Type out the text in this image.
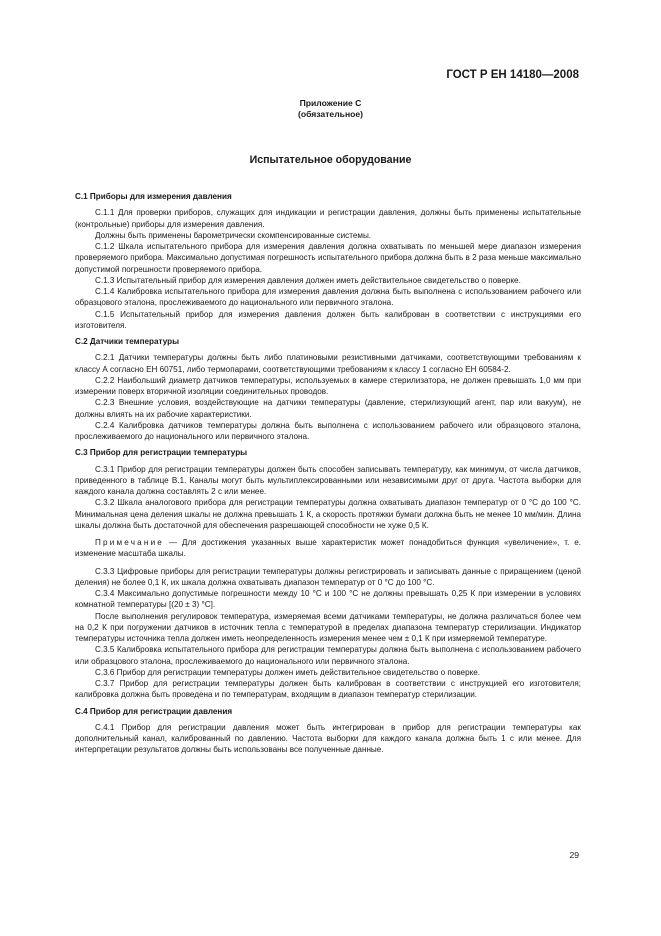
ГОСТ Р ЕН 14180—2008
Приложение С
(обязательное)
Испытательное оборудование
С.1 Приборы для измерения давления

С.1.1 Для проверки приборов, служащих для индикации и регистрации давления, должны быть применены испытательные (контрольные) приборы для измерения давления.

Должны быть применены барометрически скомпенсированные системы.

С.1.2 Шкала испытательного прибора для измерения давления должна охватывать по меньшей мере диапазон измерения проверяемого прибора. Максимально допустимая погрешность испытательного прибора должна быть в 2 раза меньше максимально допустимой погрешности проверяемого прибора.

С.1.3 Испытательный прибор для измерения давления должен иметь действительное свидетельство о поверке.

С.1.4 Калибровка испытательного прибора для измерения давления должна быть выполнена с использованием рабочего или образцового эталона, прослеживаемого до национального или первичного эталона.

С.1.5 Испытательный прибор для измерения давления должен быть калиброван в соответствии с инструкциями его изготовителя.

С.2 Датчики температуры

С.2.1 Датчики температуры должны быть либо платиновыми резистивными датчиками, соответствующими требованиям к классу А согласно ЕН 60751, либо термопарами, соответствующими требованиям к классу 1 согласно ЕН 60584-2.

С.2.2 Наибольший диаметр датчиков температуры, используемых в камере стерилизатора, не должен превышать 1,0 мм при измерении поверх вторичной изоляции соединительных проводов.

С.2.3 Внешние условия, воздействующие на датчики температуры (давление, стерилизующий агент, пар или вакуум), не должны влиять на их рабочие характеристики.

С.2.4 Калибровка датчиков температуры должна быть выполнена с использованием рабочего или образцового эталона, прослеживаемого до национального или первичного эталона.

С.3 Прибор для регистрации температуры

С.3.1 Прибор для регистрации температуры должен быть способен записывать температуру, как минимум, от числа датчиков, приведенного в таблице В.1. Каналы могут быть мультиплексированными или независимыми друг от друга. Частота выборки для каждого канала должна составлять 2 с или менее.

С.3.2 Шкала аналогового прибора для регистрации температуры должна охватывать диапазон температур от 0 °С до 100 °С. Минимальная цена деления шкалы не должна превышать 1 К, а скорость протяжки бумаги должна быть не менее 10 мм/мин. Длина шкалы должна быть достаточной для обеспечения разрешающей способности не хуже 0,5 К.

Примечание — Для достижения указанных выше характеристик может понадобиться функция «увеличение», т. е. изменение масштаба шкалы.

С.3.3 Цифровые приборы для регистрации температуры должны регистрировать и записывать данные с приращением (ценой деления) не более 0,1 К, их шкала должна охватывать диапазон температур от 0 °С до 100 °С.

С.3.4 Максимально допустимые погрешности между 10 °С и 100 °С не должны превышать 0,25 К при измерении в условиях комнатной температуры [(20 ± 3) °С].

После выполнения регулировок температура, измеряемая всеми датчиками температуры, не должна различаться более чем на 0,2 К при погружении датчиков в источник тепла с температурой в пределах диапазона температур стерилизации. Индикатор температуры источника тепла должен иметь неопределенность измерения менее чем ± 0,1 К при измеряемой температуре.

С.3.5 Калибровка испытательного прибора для регистрации температуры должна быть выполнена с использованием рабочего или образцового эталона, прослеживаемого до национального или первичного эталона.

С.3.6 Прибор для регистрации температуры должен иметь действительное свидетельство о поверке.

С.3.7 Прибор для регистрации температуры должен быть калиброван в соответствии с инструкцией его изготовителя; калибровка должна быть проведена и по температурам, входящим в диапазон температур стерилизации.

С.4 Прибор для регистрации давления

С.4.1 Прибор для регистрации давления может быть интегрирован в прибор для регистрации температуры как дополнительный канал, калиброванный по давлению. Частота выборки для каждого канала должна быть 1 с или менее. Для интерпретации результатов должны быть использованы все полученные данные.

29
